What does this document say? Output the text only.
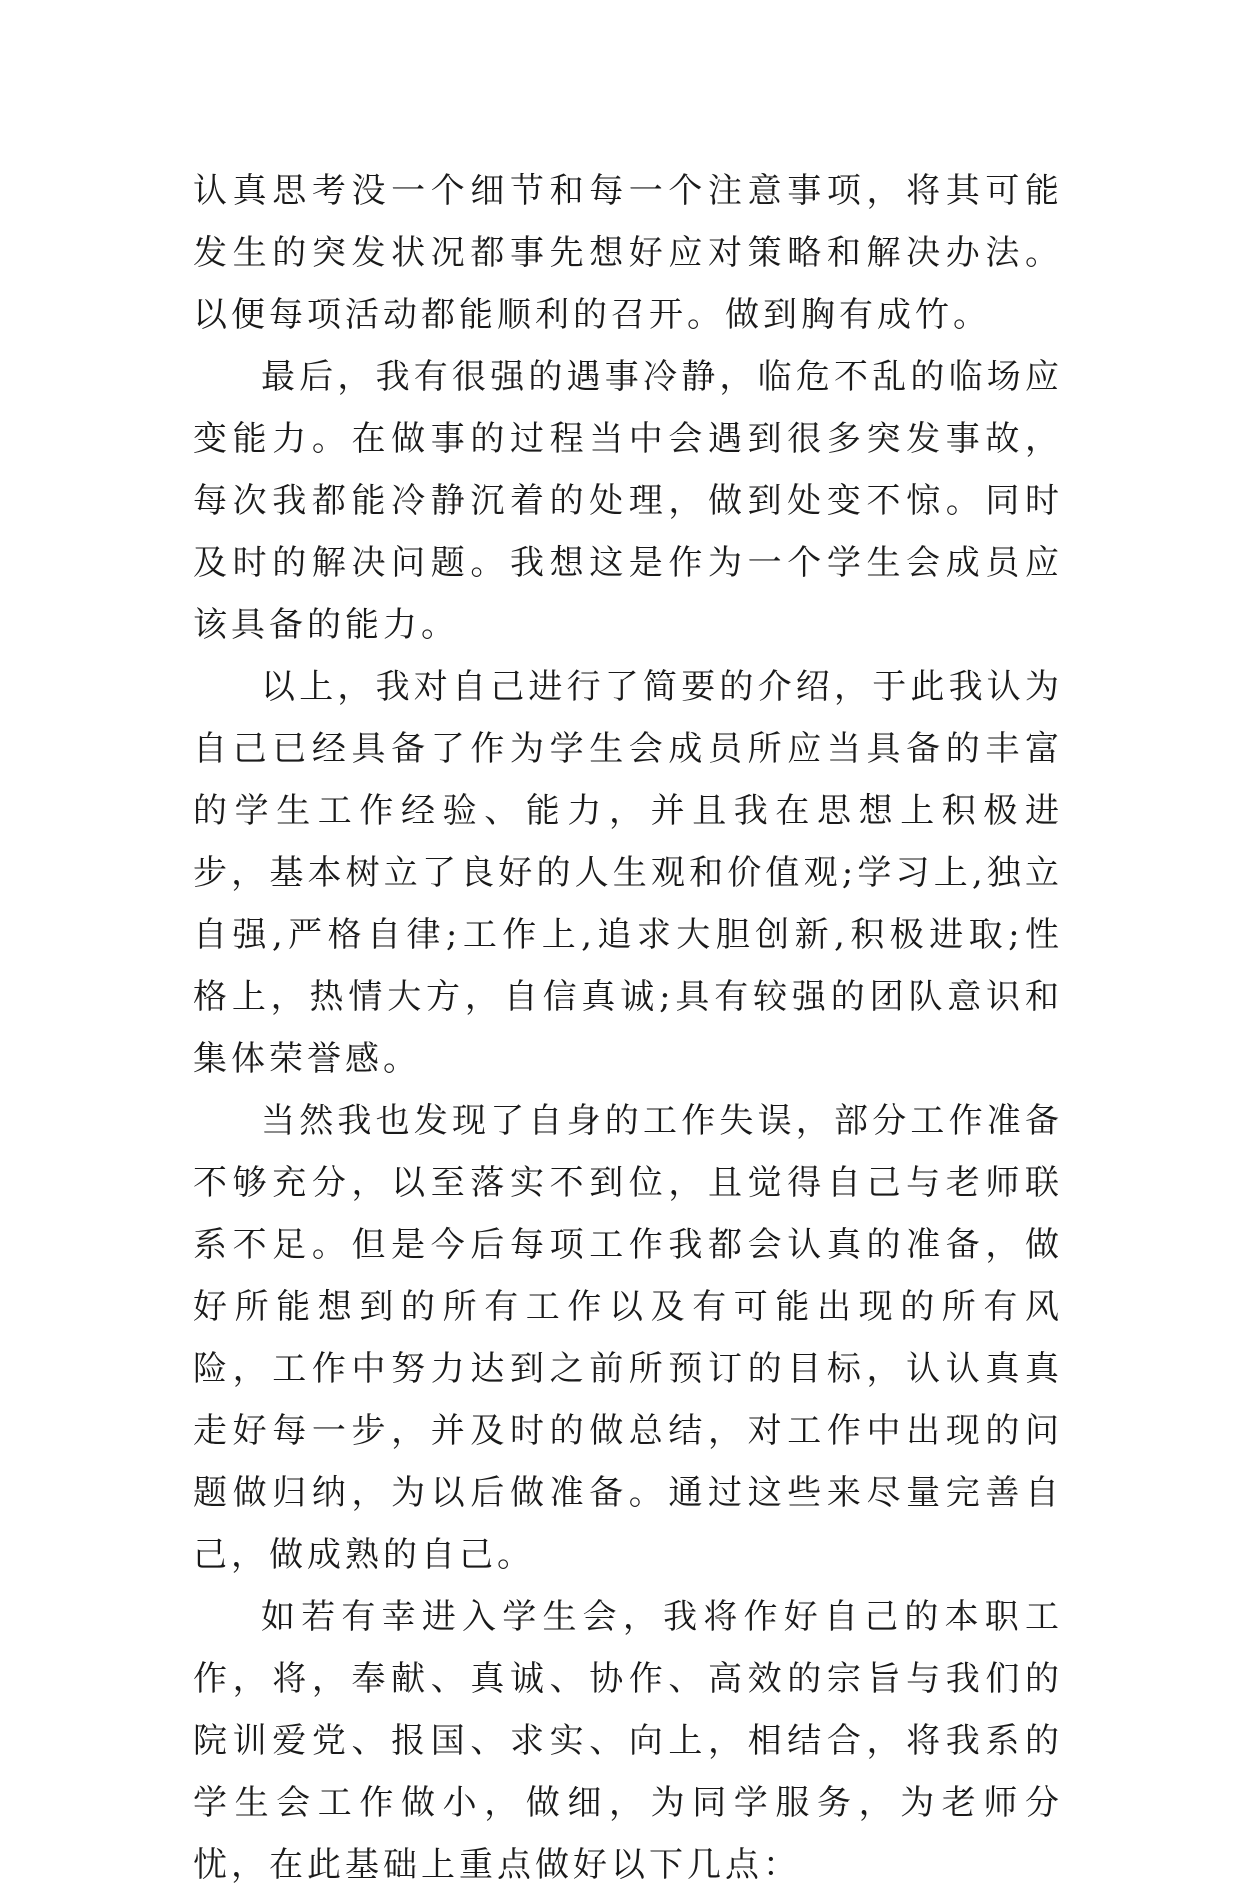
认真思考没一个细节和每一个注意事项，将其可能发生的突发状况都事先想好应对策略和解决办法。以便每项活动都能顺利的召开。做到胸有成竹。

最后，我有很强的遇事冷静，临危不乱的临场应变能力。在做事的过程当中会遇到很多突发事故，每次我都能冷静沉着的处理，做到处变不惊。同时及时的解决问题。我想这是作为一个学生会成员应该具备的能力。

以上，我对自己进行了简要的介绍，于此我认为自己已经具备了作为学生会成员所应当具备的丰富的学生工作经验、能力，并且我在思想上积极进步，基本树立了良好的人生观和价值观;学习上,独立自强,严格自律;工作上,追求大胆创新,积极进取;性格上，热情大方，自信真诚;具有较强的团队意识和集体荣誉感。

当然我也发现了自身的工作失误，部分工作准备不够充分，以至落实不到位，且觉得自己与老师联系不足。但是今后每项工作我都会认真的准备，做好所能想到的所有工作以及有可能出现的所有风险，工作中努力达到之前所预订的目标，认认真真走好每一步，并及时的做总结，对工作中出现的问题做归纳，为以后做准备。通过这些来尽量完善自己，做成熟的自己。

如若有幸进入学生会，我将作好自己的本职工作，将，奉献、真诚、协作、高效的宗旨与我们的院训爱党、报国、求实、向上，相结合，将我系的学生会工作做小，做细，为同学服务，为老师分忧，在此基础上重点做好以下几点：
